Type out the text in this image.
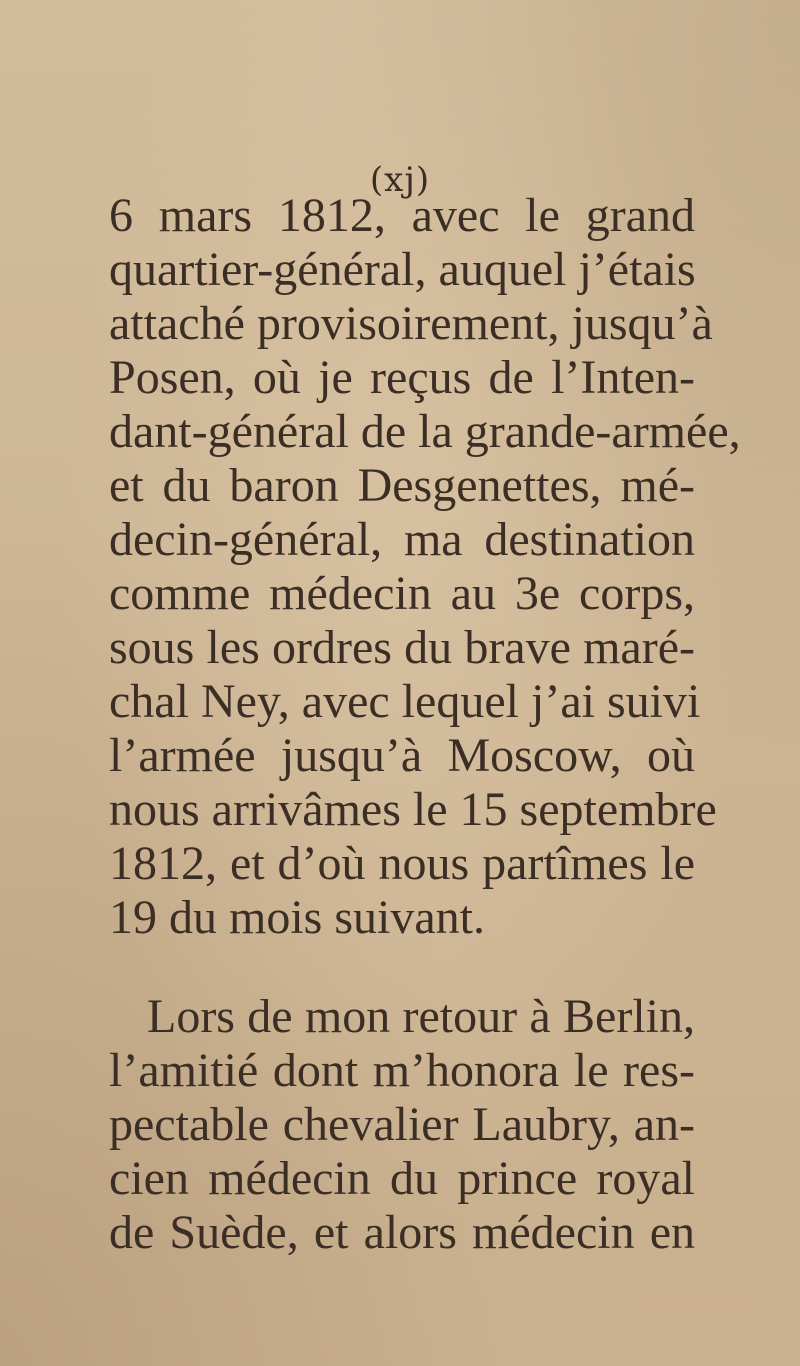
(xj)
6 mars 1812, avec le grand
quartier-général, auquel j’étais
attaché provisoirement, jusqu’à
Posen, où je reçus de l’Inten-
dant-général de la grande-armée,
et du baron Desgenettes, mé-
decin-général, ma destination
comme médecin au 3e corps,
sous les ordres du brave maré-
chal Ney, avec lequel j’ai suivi
l’armée jusqu’à Moscow, où
nous arrivâmes le 15 septembre
1812, et d’où nous partîmes le
19 du mois suivant.
Lors de mon retour à Berlin,
l’amitié dont m’honora le res-
pectable chevalier Laubry, an-
cien médecin du prince royal
de Suède, et alors médecin en
